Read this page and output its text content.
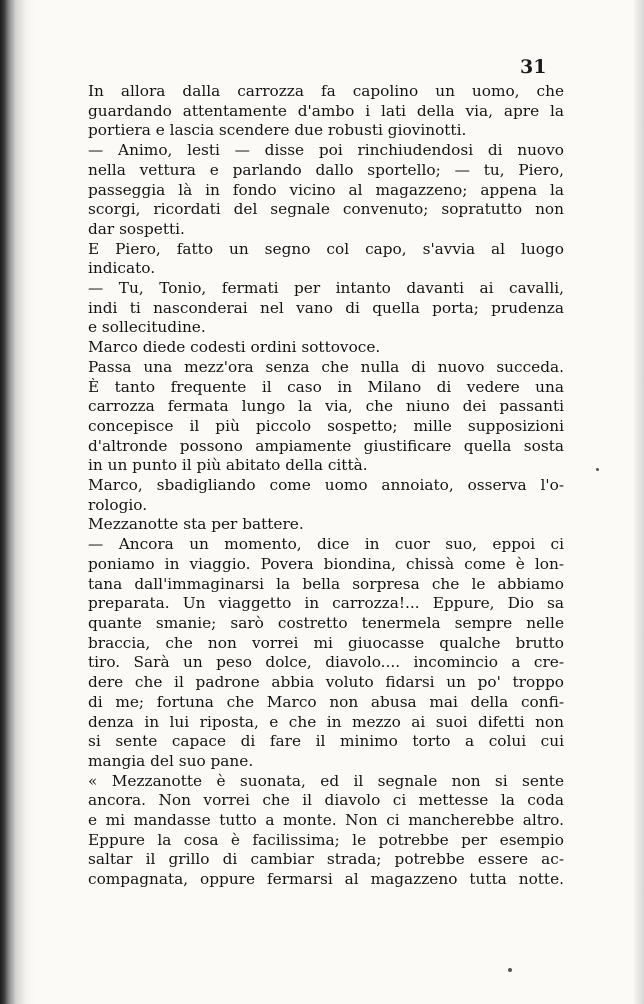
31
In allora dalla carrozza fa capolino un uomo, che
guardando attentamente d'ambo i lati della via, apre la
portiera e lascia scendere due robusti giovinotti.
— Animo, lesti — disse poi rinchiudendosi di nuovo
nella vettura e parlando dallo sportello; — tu, Piero,
passeggia là in fondo vicino al magazzeno; appena la
scorgi, ricordati del segnale convenuto; sopratutto non
dar sospetti.
E Piero, fatto un segno col capo, s'avvia al luogo
indicato.
— Tu, Tonio, fermati per intanto davanti ai cavalli,
indi ti nasconderai nel vano di quella porta; prudenza
e sollecitudine.
Marco diede codesti ordini sottovoce.
Passa una mezz'ora senza che nulla di nuovo succeda.
È tanto frequente il caso in Milano di vedere una
carrozza fermata lungo la via, che niuno dei passanti
concepisce il più piccolo sospetto; mille supposizioni
d'altronde possono ampiamente giustificare quella sosta
in un punto il più abitato della città.
Marco, sbadigliando come uomo annoiato, osserva l'o-
rologio.
Mezzanotte sta per battere.
— Ancora un momento, dice in cuor suo, eppoi ci
poniamo in viaggio. Povera biondina, chissà come è lon-
tana dall'immaginarsi la bella sorpresa che le abbiamo
preparata. Un viaggetto in carrozza!... Eppure, Dio sa
quante smanie; sarò costretto tenermela sempre nelle
braccia, che non vorrei mi giuocasse qualche brutto
tiro. Sarà un peso dolce, diavolo.... incomincio a cre-
dere che il padrone abbia voluto fidarsi un po' troppo
di me; fortuna che Marco non abusa mai della confi-
denza in lui riposta, e che in mezzo ai suoi difetti non
si sente capace di fare il minimo torto a colui cui
mangia del suo pane.
« Mezzanotte è suonata, ed il segnale non si sente
ancora. Non vorrei che il diavolo ci mettesse la coda
e mi mandasse tutto a monte. Non ci mancherebbe altro.
Eppure la cosa è facilissima; le potrebbe per esempio
saltar il grillo di cambiar strada; potrebbe essere ac-
compagnata, oppure fermarsi al magazzeno tutta notte.
